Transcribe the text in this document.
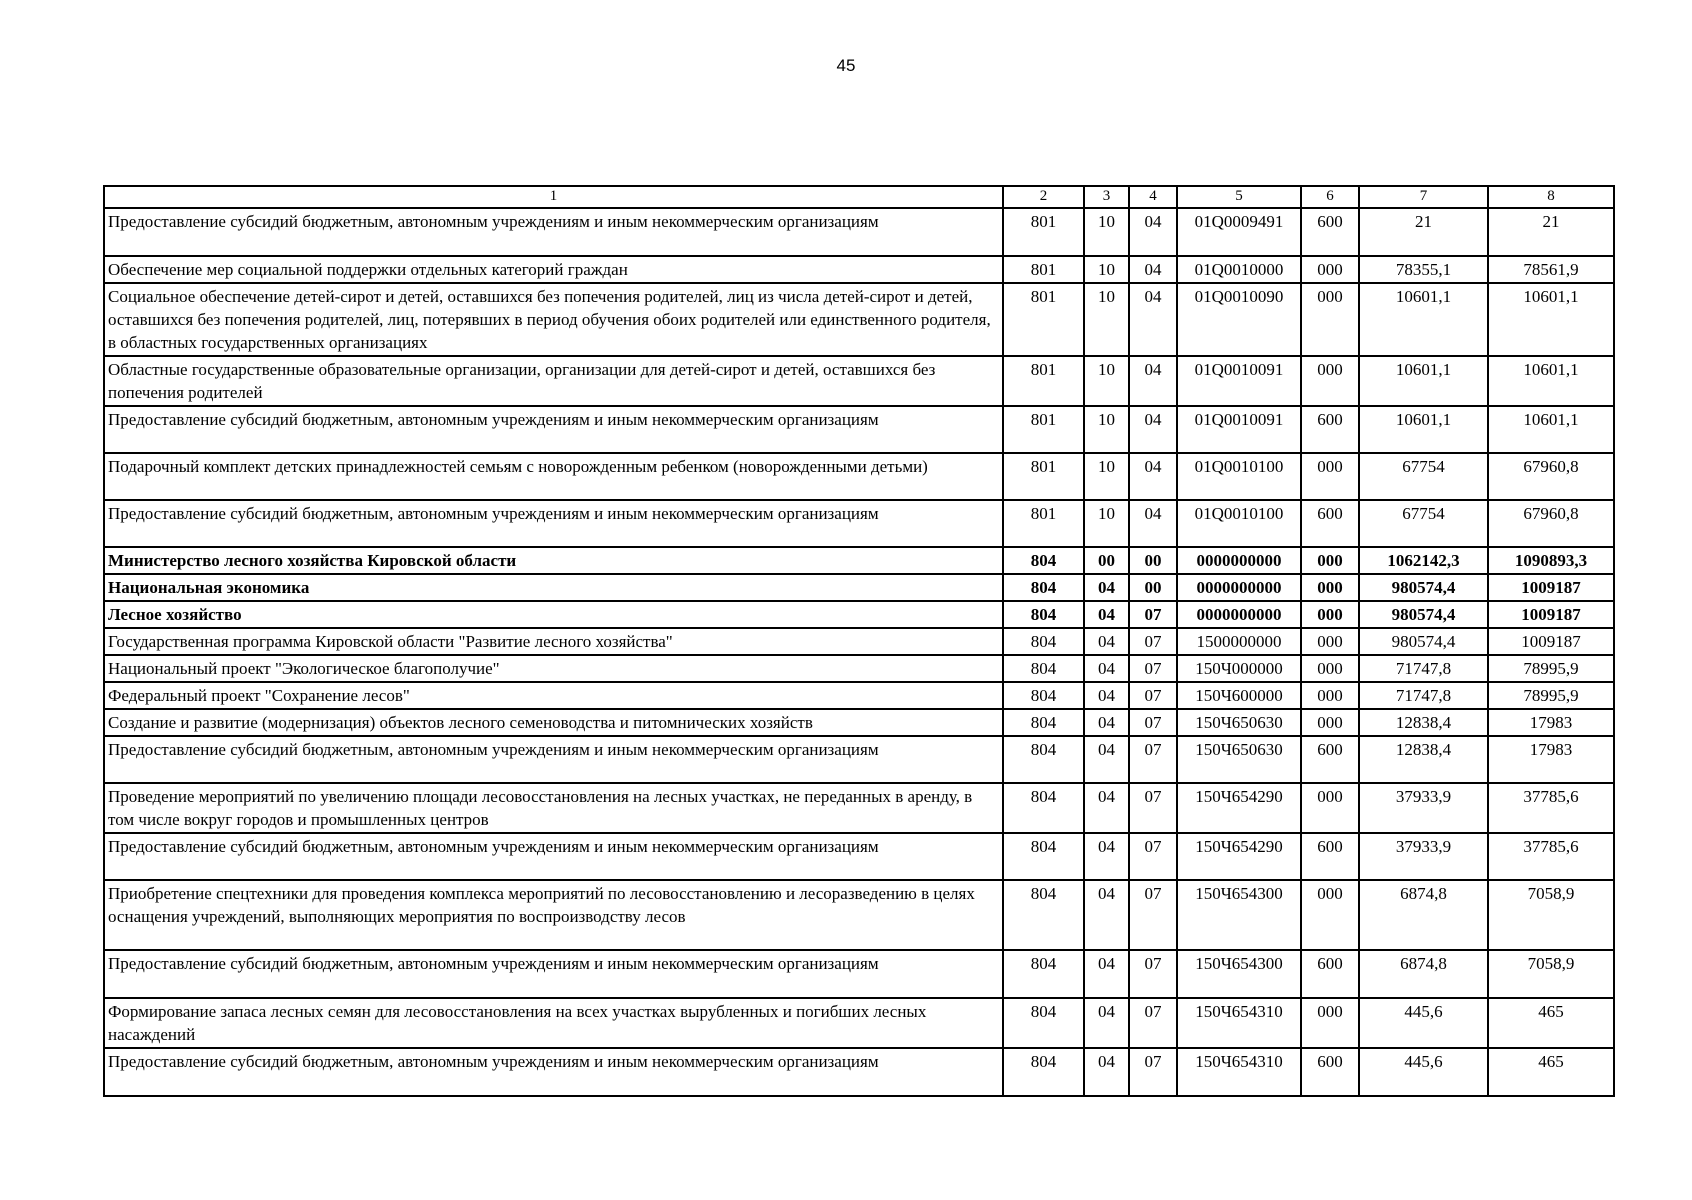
45
1	2	3	4	5	6	7	8
Предоставление субсидий бюджетным, автономным учреждениям и иным некоммерческим организациям	801	10	04	01Q0009491	600	21	21
Обеспечение мер социальной поддержки отдельных категорий граждан	801	10	04	01Q0010000	000	78355,1	78561,9
Социальное обеспечение детей-сирот и детей, оставшихся без попечения родителей, лиц из числа детей-сирот и детей, оставшихся без попечения родителей, лиц, потерявших в период обучения обоих родителей или единственного родителя, в областных государственных организациях	801	10	04	01Q0010090	000	10601,1	10601,1
Областные государственные образовательные организации, организации для детей-сирот и детей, оставшихся без попечения родителей	801	10	04	01Q0010091	000	10601,1	10601,1
Предоставление субсидий бюджетным, автономным учреждениям и иным некоммерческим организациям	801	10	04	01Q0010091	600	10601,1	10601,1
Подарочный комплект детских принадлежностей семьям с новорожденным ребенком (новорожденными детьми)	801	10	04	01Q0010100	000	67754	67960,8
Предоставление субсидий бюджетным, автономным учреждениям и иным некоммерческим организациям	801	10	04	01Q0010100	600	67754	67960,8
Министерство лесного хозяйства Кировской области	804	00	00	0000000000	000	1062142,3	1090893,3
Национальная экономика	804	04	00	0000000000	000	980574,4	1009187
Лесное хозяйство	804	04	07	0000000000	000	980574,4	1009187
Государственная программа Кировской области "Развитие лесного хозяйства"	804	04	07	1500000000	000	980574,4	1009187
Национальный проект "Экологическое благополучие"	804	04	07	150Ч000000	000	71747,8	78995,9
Федеральный проект "Сохранение лесов"	804	04	07	150Ч600000	000	71747,8	78995,9
Создание и развитие (модернизация) объектов лесного семеноводства и питомнических хозяйств	804	04	07	150Ч650630	000	12838,4	17983
Предоставление субсидий бюджетным, автономным учреждениям и иным некоммерческим организациям	804	04	07	150Ч650630	600	12838,4	17983
Проведение мероприятий по увеличению площади лесовосстановления на лесных участках, не переданных в аренду, в том числе вокруг городов и промышленных центров	804	04	07	150Ч654290	000	37933,9	37785,6
Предоставление субсидий бюджетным, автономным учреждениям и иным некоммерческим организациям	804	04	07	150Ч654290	600	37933,9	37785,6
Приобретение спецтехники для проведения комплекса мероприятий по лесовосстановлению и лесоразведению в целях оснащения учреждений, выполняющих мероприятия по воспроизводству лесов	804	04	07	150Ч654300	000	6874,8	7058,9
Предоставление субсидий бюджетным, автономным учреждениям и иным некоммерческим организациям	804	04	07	150Ч654300	600	6874,8	7058,9
Формирование запаса лесных семян для лесовосстановления на всех участках вырубленных и погибших лесных насаждений	804	04	07	150Ч654310	000	445,6	465
Предоставление субсидий бюджетным, автономным учреждениям и иным некоммерческим организациям	804	04	07	150Ч654310	600	445,6	465
